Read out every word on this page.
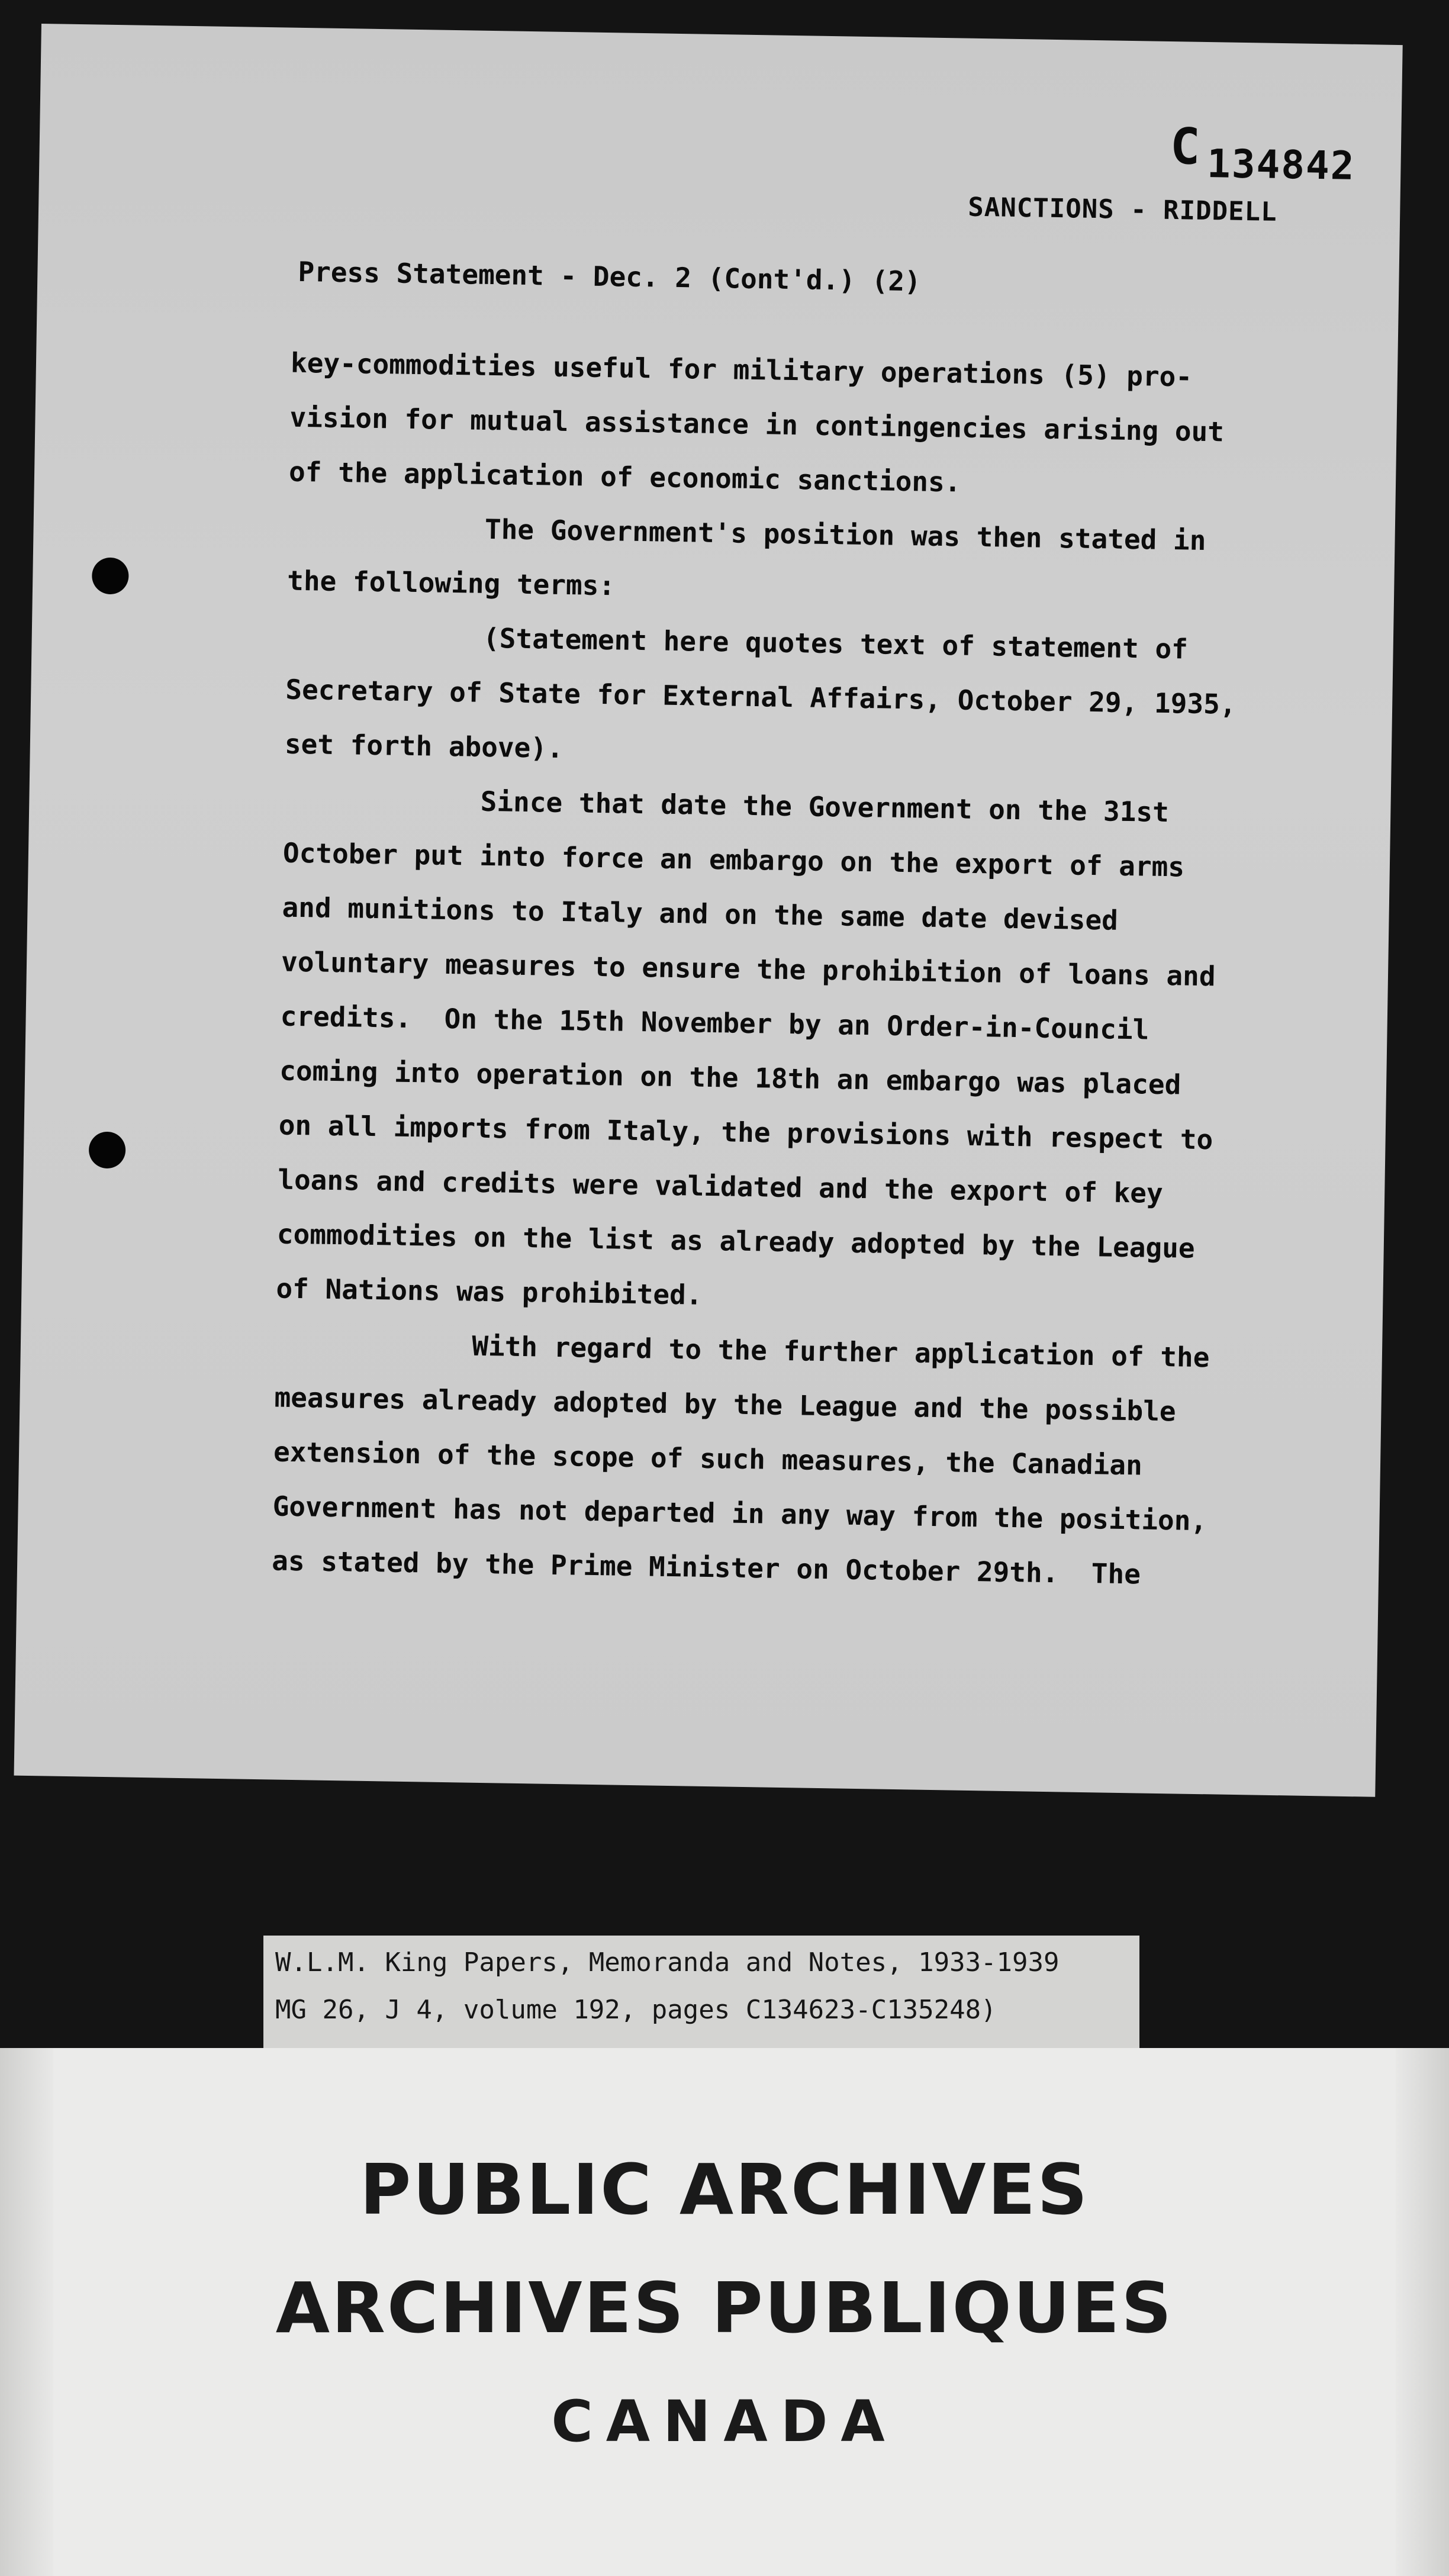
C 134842
SANCTIONS - RIDDELL
Press Statement - Dec. 2 (Cont'd.) (2)
key-commodities useful for military operations (5) pro-
vision for mutual assistance in contingencies arising out
of the application of economic sanctions.
The Government's position was then stated in
the following terms:
(Statement here quotes text of statement of
Secretary of State for External Affairs, October 29, 1935,
set forth above).
Since that date the Government on the 31st
October put into force an embargo on the export of arms
and munitions to Italy and on the same date devised
voluntary measures to ensure the prohibition of loans and
credits.  On the 15th November by an Order-in-Council
coming into operation on the 18th an embargo was placed
on all imports from Italy, the provisions with respect to
loans and credits were validated and the export of key
commodities on the list as already adopted by the League
of Nations was prohibited.
With regard to the further application of the
measures already adopted by the League and the possible
extension of the scope of such measures, the Canadian
Government has not departed in any way from the position,
as stated by the Prime Minister on October 29th.  The
W.L.M. King Papers, Memoranda and Notes, 1933-1939
MG 26, J 4, volume 192, pages C134623-C135248)
PUBLIC ARCHIVES
ARCHIVES PUBLIQUES
CANADA
